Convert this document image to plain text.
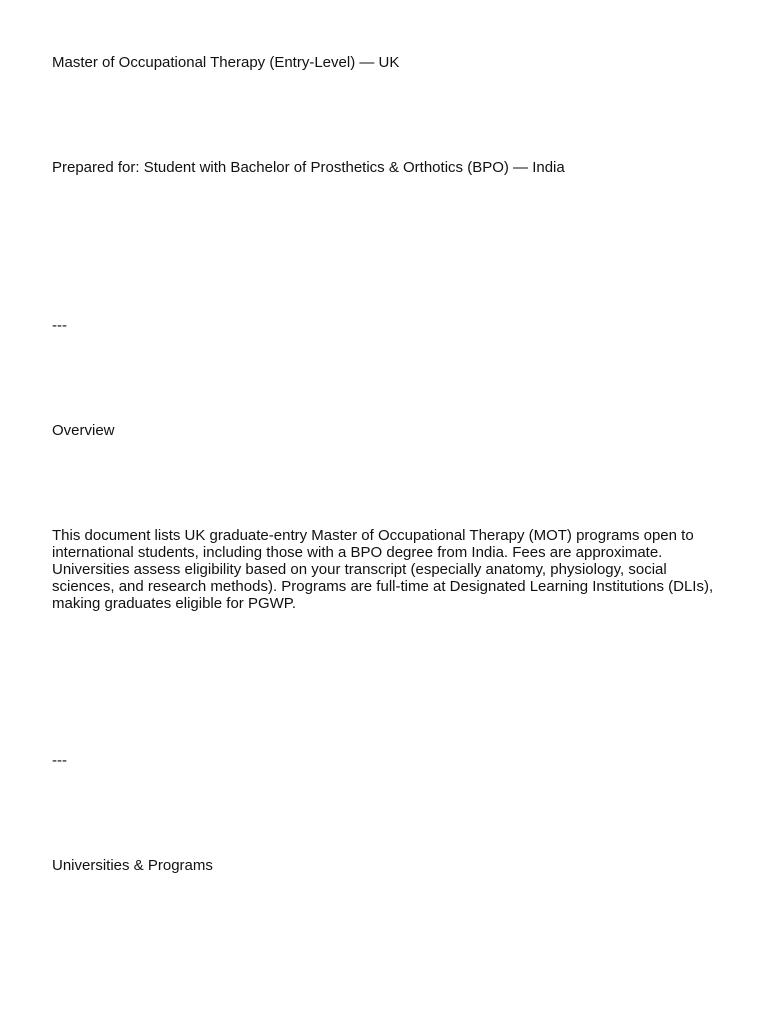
Master of Occupational Therapy (Entry-Level) — UK

Prepared for: Student with Bachelor of Prosthetics & Orthotics (BPO) — India

---

Overview

This document lists UK graduate-entry Master of Occupational Therapy (MOT) programs open to international students, including those with a BPO degree from India. Fees are approximate. Universities assess eligibility based on your transcript (especially anatomy, physiology, social sciences, and research methods). Programs are full-time at Designated Learning Institutions (DLIs), making graduates eligible for PGWP.

---

Universities & Programs
